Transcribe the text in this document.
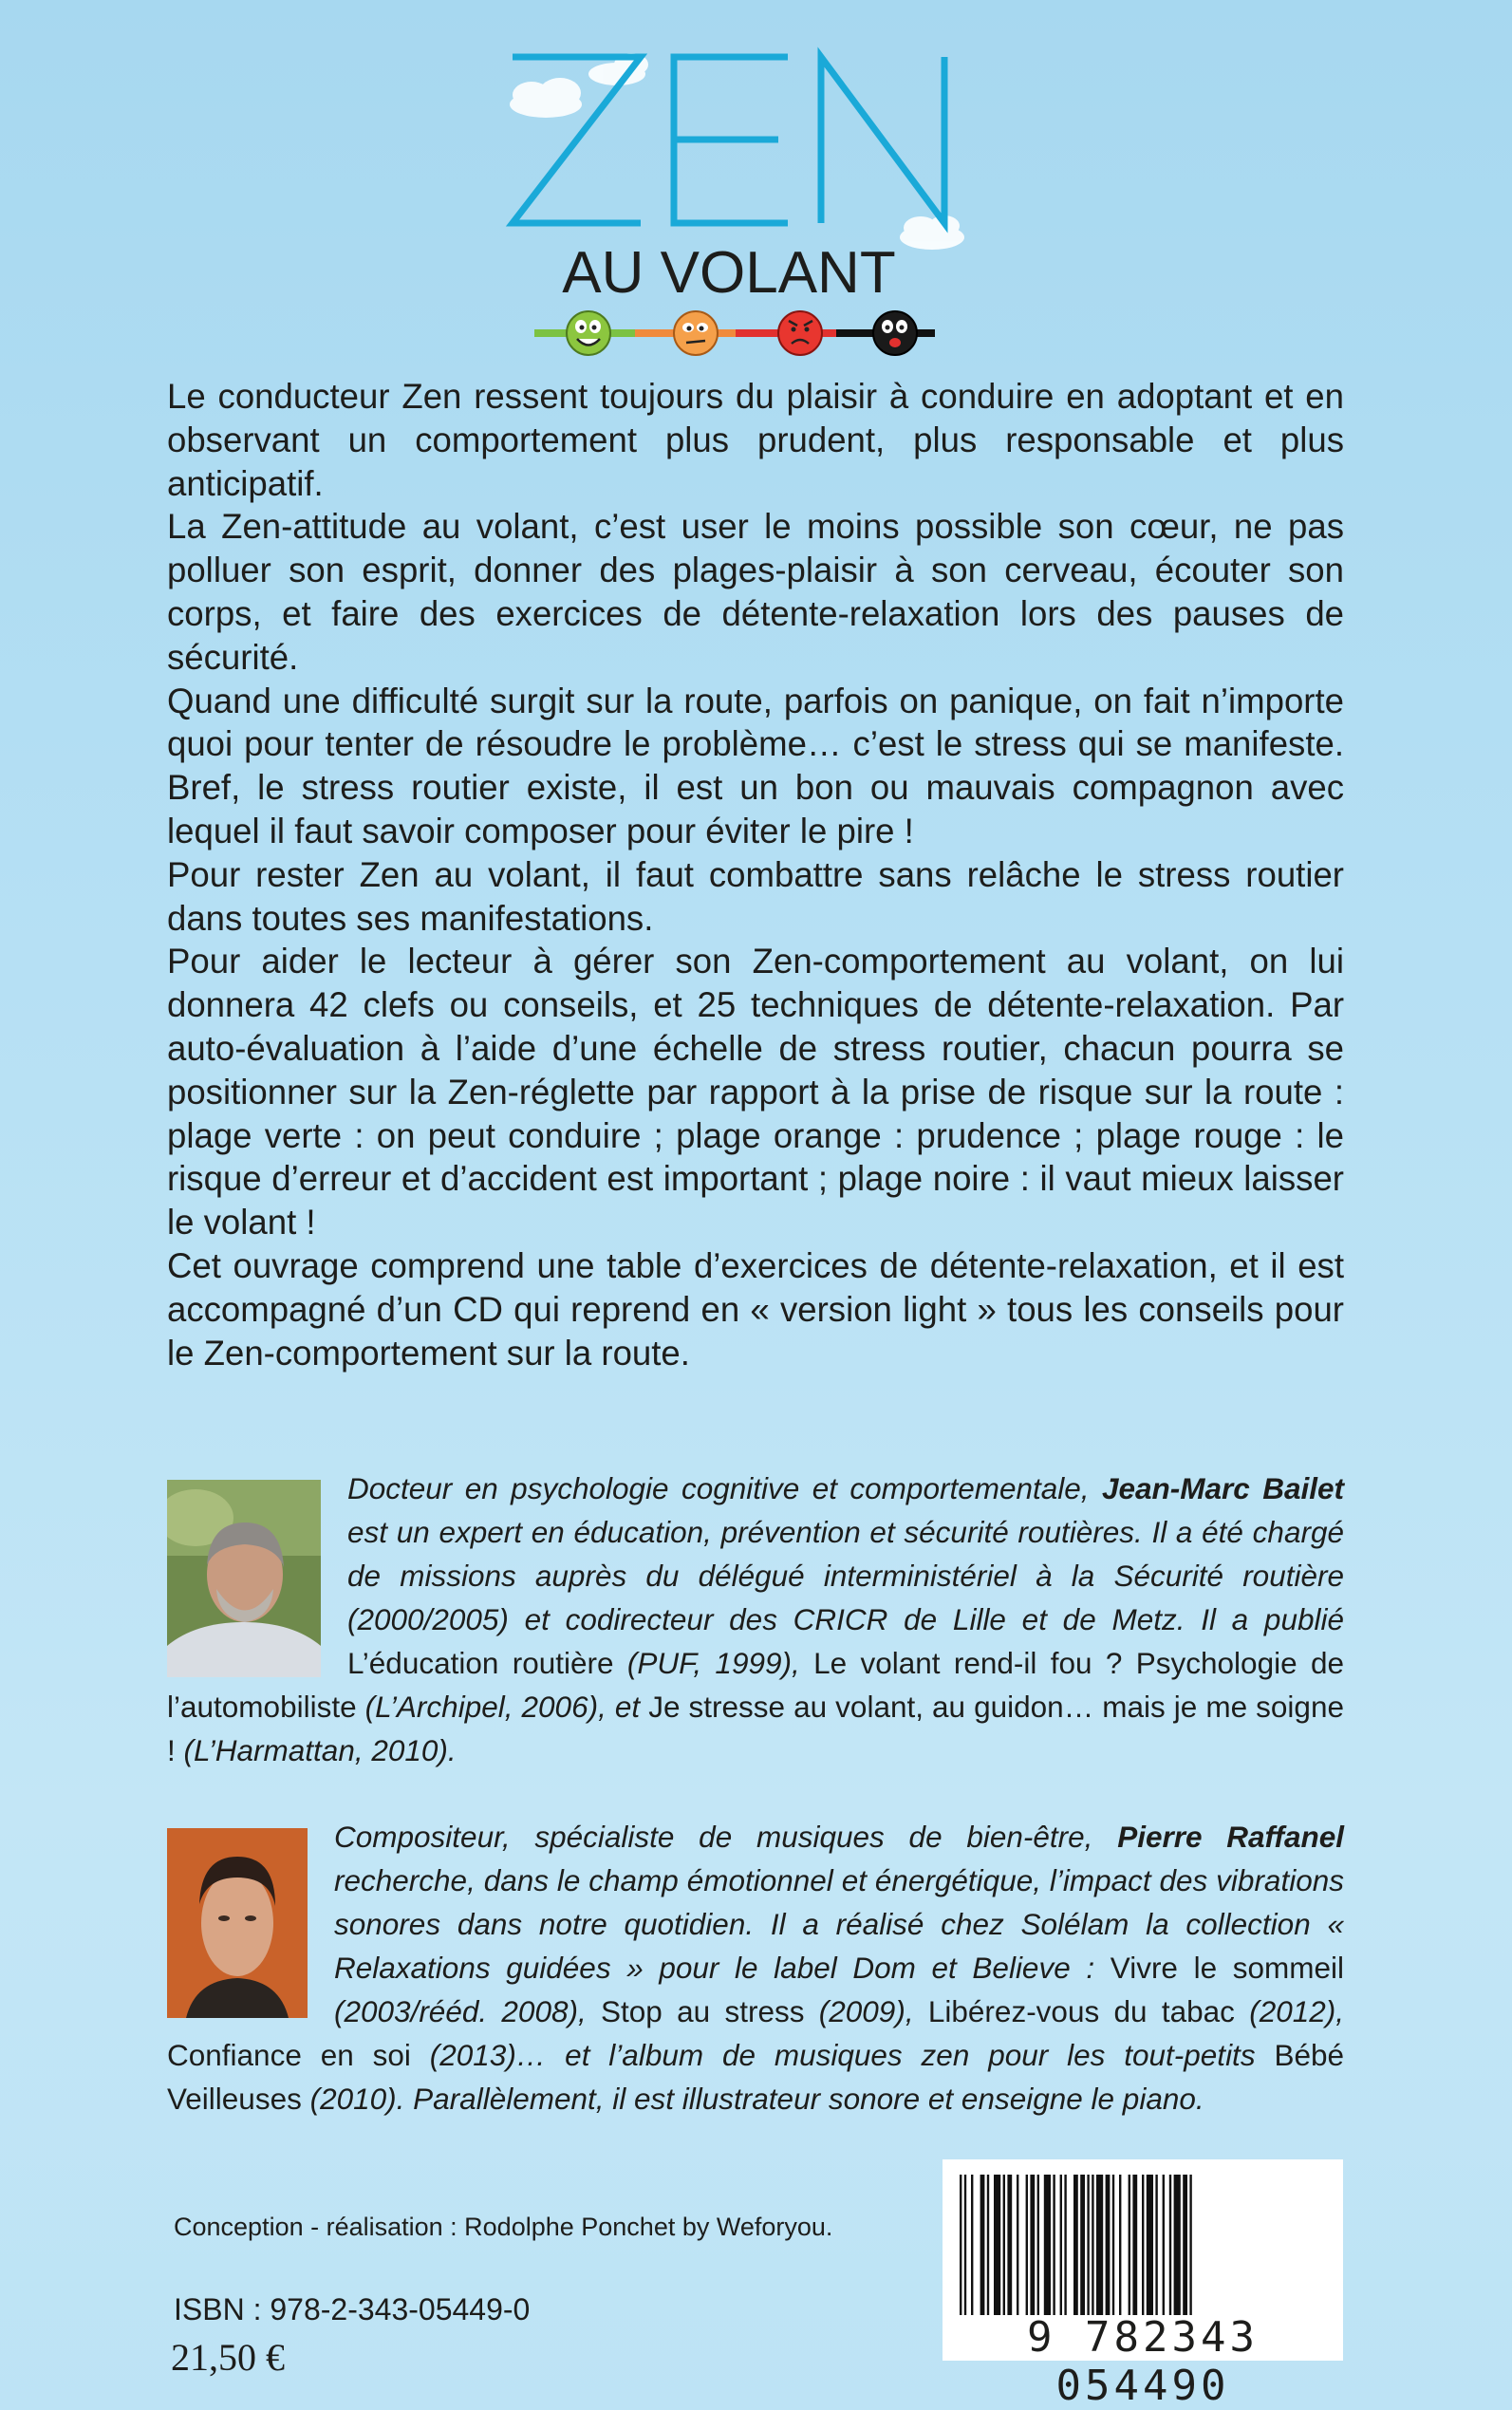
AU VOLANT

Le conducteur Zen ressent toujours du plaisir à conduire en adoptant et en observant un comportement plus prudent, plus responsable et plus anticipatif.

La Zen-attitude au volant, c’est user le moins possible son cœur, ne pas polluer son esprit, donner des plages-plaisir à son cerveau, écouter son corps, et faire des exercices de détente-relaxation lors des pauses de sécurité.

Quand une difficulté surgit sur la route, parfois on panique, on fait n’importe quoi pour tenter de résoudre le problème… c’est le stress qui se manifeste. Bref, le stress routier existe, il est un bon ou mauvais compagnon avec lequel il faut savoir composer pour éviter le pire !

Pour rester Zen au volant, il faut combattre sans relâche le stress routier dans toutes ses manifestations.

Pour aider le lecteur à gérer son Zen-comportement au volant, on lui donnera 42 clefs ou conseils, et 25 techniques de détente-relaxation. Par auto-évaluation à l’aide d’une échelle de stress routier, chacun pourra se positionner sur la Zen-réglette par rapport à la prise de risque sur la route : plage verte : on peut conduire ; plage orange : prudence ; plage rouge : le risque d’erreur et d’accident est important ; plage noire : il vaut mieux laisser le volant !

Cet ouvrage comprend une table d’exercices de détente-relaxation, et il est accompagné d’un CD qui reprend en « version light » tous les conseils pour le Zen-comportement sur la route.

Docteur en psychologie cognitive et comportementale, Jean-Marc Bailet est un expert en éducation, prévention et sécurité routières. Il a été chargé de missions auprès du délégué interministériel à la Sécurité routière (2000/2005) et codirecteur des CRICR de Lille et de Metz. Il a publié L’éducation routière (PUF, 1999), Le volant rend-il fou ? Psychologie de l’automobiliste (L’Archipel, 2006), et Je stresse au volant, au guidon… mais je me soigne ! (L’Harmattan, 2010).

Compositeur, spécialiste de musiques de bien-être, Pierre Raffanel recherche, dans le champ émotionnel et énergétique, l’impact des vibrations sonores dans notre quotidien. Il a réalisé chez Solélam la collection « Relaxations guidées » pour le label Dom et Believe : Vivre le sommeil (2003/rééd. 2008), Stop au stress (2009), Libérez-vous du tabac (2012), Confiance en soi (2013)… et l’album de musiques zen pour les tout-petits Bébé Veilleuses (2010). Parallèlement, il est illustrateur sonore et enseigne le piano.

Conception - réalisation : Rodolphe Ponchet by Weforyou.
ISBN : 978-2-343-05449-0
21,50 €	9 782343 054490
